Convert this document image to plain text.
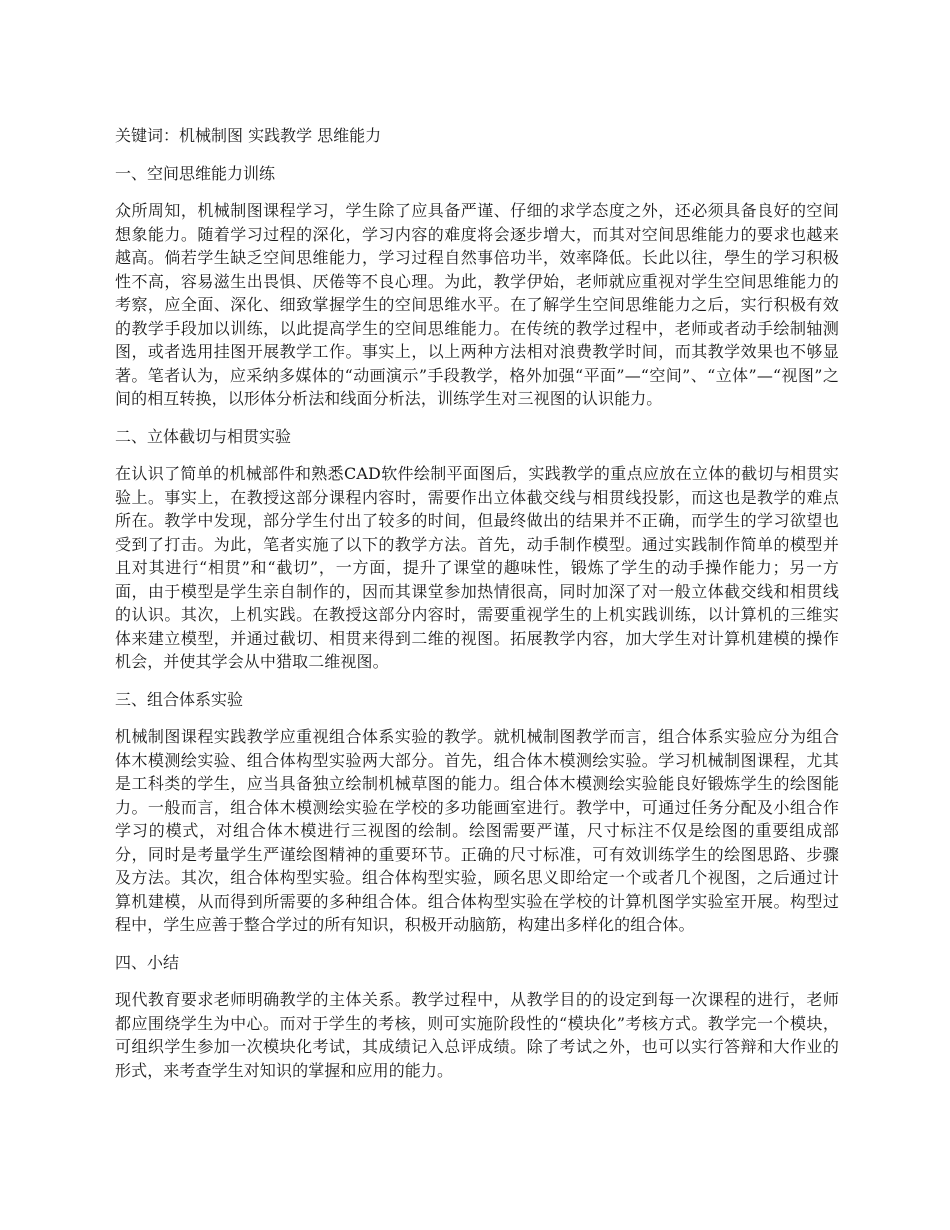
关键词：机械制图 实践教学 思维能力

一、空间思维能力训练

众所周知，机械制图课程学习，学生除了应具备严谨、仔细的求学态度之外，还必须具备良好的空间想象能力。随着学习过程的深化，学习内容的难度将会逐步增大，而其对空间思维能力的要求也越来越高。倘若学生缺乏空间思维能力，学习过程自然事倍功半，效率降低。长此以往，學生的学习积极性不高，容易滋生出畏惧、厌倦等不良心理。为此，教学伊始，老师就应重视对学生空间思维能力的考察，应全面、深化、细致掌握学生的空间思维水平。在了解学生空间思维能力之后，实行积极有效的教学手段加以训练，以此提高学生的空间思维能力。在传统的教学过程中，老师或者动手绘制轴测图，或者选用挂图开展教学工作。事实上，以上两种方法相对浪费教学时间，而其教学效果也不够显著。笔者认为，应采纳多媒体的“动画演示”手段教学，格外加强“平面”—“空间”、“立体”—“视图”之间的相互转换，以形体分析法和线面分析法，训练学生对三视图的认识能力。

二、立体截切与相贯实验

在认识了简单的机械部件和熟悉CAD软件绘制平面图后，实践教学的重点应放在立体的截切与相贯实验上。事实上，在教授这部分课程内容时，需要作出立体截交线与相贯线投影，而这也是教学的难点所在。教学中发现，部分学生付出了较多的时间，但最终做出的结果并不正确，而学生的学习欲望也受到了打击。为此，笔者实施了以下的教学方法。首先，动手制作模型。通过实践制作简单的模型并且对其进行“相贯”和“截切”，一方面，提升了课堂的趣味性，锻炼了学生的动手操作能力；另一方面，由于模型是学生亲自制作的，因而其课堂参加热情很高，同时加深了对一般立体截交线和相贯线的认识。其次，上机实践。在教授这部分内容时，需要重视学生的上机实践训练，以计算机的三维实体来建立模型，并通过截切、相贯来得到二维的视图。拓展教学内容，加大学生对计算机建模的操作机会，并使其学会从中猎取二维视图。

三、组合体系实验

机械制图课程实践教学应重视组合体系实验的教学。就机械制图教学而言，组合体系实验应分为组合体木模测绘实验、组合体构型实验两大部分。首先，组合体木模测绘实验。学习机械制图课程，尤其是工科类的学生，应当具备独立绘制机械草图的能力。组合体木模测绘实验能良好锻炼学生的绘图能力。一般而言，组合体木模测绘实验在学校的多功能画室进行。教学中，可通过任务分配及小组合作学习的模式，对组合体木模进行三视图的绘制。绘图需要严谨，尺寸标注不仅是绘图的重要组成部分，同时是考量学生严谨绘图精神的重要环节。正确的尺寸标准，可有效训练学生的绘图思路、步骤及方法。其次，组合体构型实验。组合体构型实验，顾名思义即给定一个或者几个视图，之后通过计算机建模，从而得到所需要的多种组合体。组合体构型实验在学校的计算机图学实验室开展。构型过程中，学生应善于整合学过的所有知识，积极开动脑筋，构建出多样化的组合体。

四、小结

现代教育要求老师明确教学的主体关系。教学过程中，从教学目的的设定到每一次课程的进行，老师都应围绕学生为中心。而对于学生的考核，则可实施阶段性的“模块化”考核方式。教学完一个模块，可组织学生参加一次模块化考试，其成绩记入总评成绩。除了考试之外，也可以实行答辩和大作业的形式，来考查学生对知识的掌握和应用的能力。
